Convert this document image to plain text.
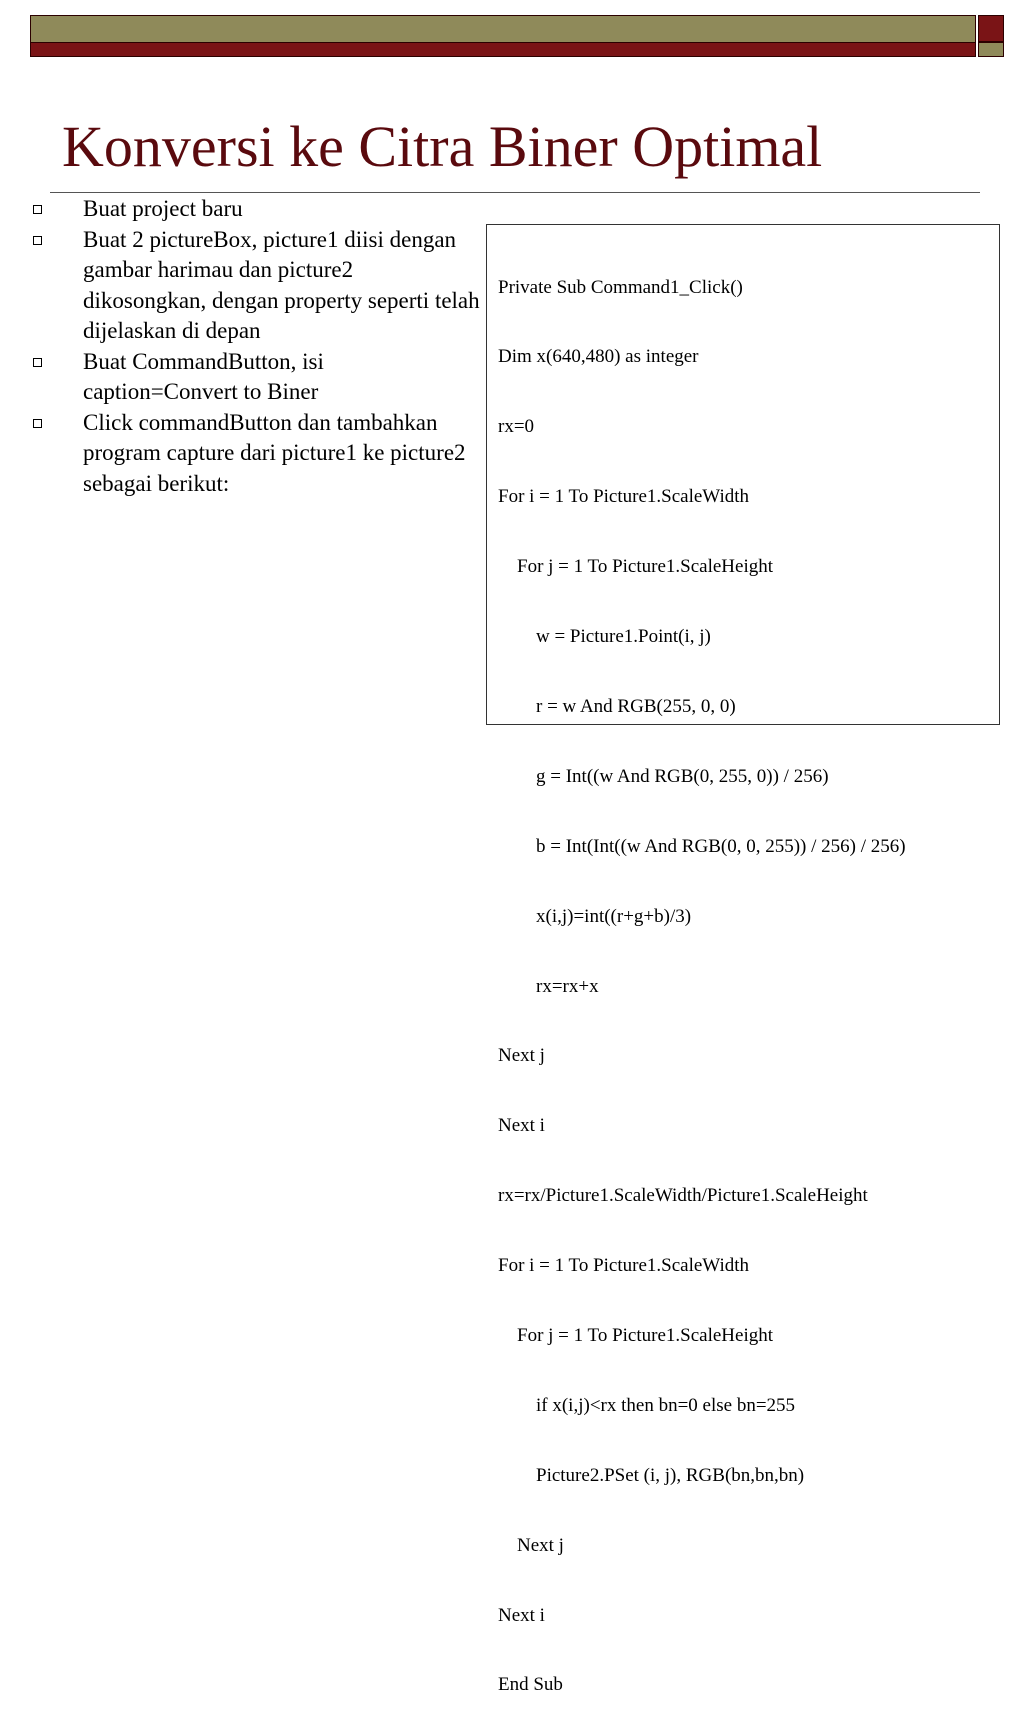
Konversi ke Citra Biner Optimal
Buat project baru
Buat 2 pictureBox, picture1 diisi dengan gambar harimau dan picture2 dikosongkan, dengan property seperti telah dijelaskan di depan
Buat CommandButton, isi caption=Convert to Biner
Click commandButton dan tambahkan program capture dari picture1 ke picture2 sebagai berikut:

Private Sub Command1_Click()

Dim x(640,480) as integer

rx=0

For i = 1 To Picture1.ScaleWidth

For j = 1 To Picture1.ScaleHeight

w = Picture1.Point(i, j)

r = w And RGB(255, 0, 0)

g = Int((w And RGB(0, 255, 0)) / 256)

b = Int(Int((w And RGB(0, 0, 255)) / 256) / 256)

x(i,j)=int((r+g+b)/3)

rx=rx+x

Next j

Next i

rx=rx/Picture1.ScaleWidth/Picture1.ScaleHeight

For i = 1 To Picture1.ScaleWidth

For j = 1 To Picture1.ScaleHeight

if x(i,j)<rx then bn=0 else bn=255

Picture2.PSet (i, j), RGB(bn,bn,bn)

Next j

Next i

End Sub
